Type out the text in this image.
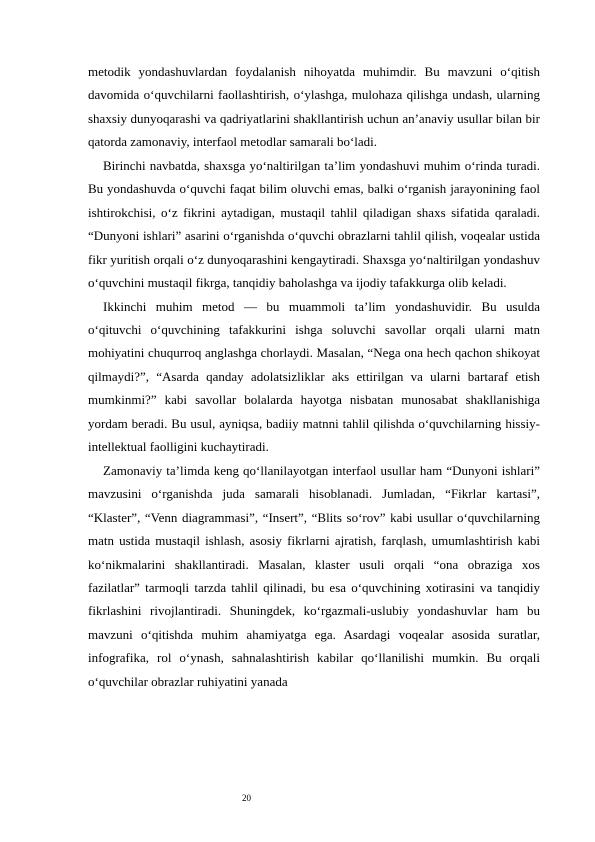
metodik yondashuvlardan foydalanish nihoyatda muhimdir. Bu mavzuni o‘qitish davomida o‘quvchilarni faollashtirish, o‘ylashga, mulohaza qilishga undash, ularning shaxsiy dunyoqarashi va qadriyatlarini shakllantirish uchun an’anaviy usullar bilan bir qatorda zamonaviy, interfaol metodlar samarali bo‘ladi.

Birinchi navbatda, shaxsga yo‘naltirilgan ta’lim yondashuvi muhim o‘rinda turadi. Bu yondashuvda o‘quvchi faqat bilim oluvchi emas, balki o‘rganish jarayonining faol ishtirokchisi, o‘z fikrini aytadigan, mustaqil tahlil qiladigan shaxs sifatida qaraladi. “Dunyoni ishlari” asarini o‘rganishda o‘quvchi obrazlarni tahlil qilish, voqealar ustida fikr yuritish orqali o‘z dunyoqarashini kengaytiradi. Shaxsga yo‘naltirilgan yondashuv o‘quvchini mustaqil fikrga, tanqidiy baholashga va ijodiy tafakkurga olib keladi.

Ikkinchi muhim metod — bu muammoli ta’lim yondashuvidir. Bu usulda o‘qituvchi o‘quvchining tafakkurini ishga soluvchi savollar orqali ularni matn mohiyatini chuqurroq anglashga chorlaydi. Masalan, “Nega ona hech qachon shikoyat qilmaydi?”, “Asarda qanday adolatsizliklar aks ettirilgan va ularni bartaraf etish mumkinmi?” kabi savollar bolalarda hayotga nisbatan munosabat shakllanishiga yordam beradi. Bu usul, ayniqsa, badiiy matnni tahlil qilishda o‘quvchilarning hissiy-intellektual faolligini kuchaytiradi.

Zamonaviy ta’limda keng qo‘llanilayotgan interfaol usullar ham “Dunyoni ishlari” mavzusini o‘rganishda juda samarali hisoblanadi. Jumladan, “Fikrlar kartasi”, “Klaster”, “Venn diagrammasi”, “Insert”, “Blits so‘rov” kabi usullar o‘quvchilarning matn ustida mustaqil ishlash, asosiy fikrlarni ajratish, farqlash, umumlashtirish kabi ko‘nikmalarini shakllantiradi. Masalan, klaster usuli orqali “ona obraziga xos fazilatlar” tarmoqli tarzda tahlil qilinadi, bu esa o‘quvchining xotirasini va tanqidiy fikrlashini rivojlantiradi. Shuningdek, ko‘rgazmali-uslubiy yondashuvlar ham bu mavzuni o‘qitishda muhim ahamiyatga ega. Asardagi voqealar asosida suratlar, infografika, rol o‘ynash, sahnalashtirish kabilar qo‘llanilishi mumkin. Bu orqali o‘quvchilar obrazlar ruhiyatini yanada

20
